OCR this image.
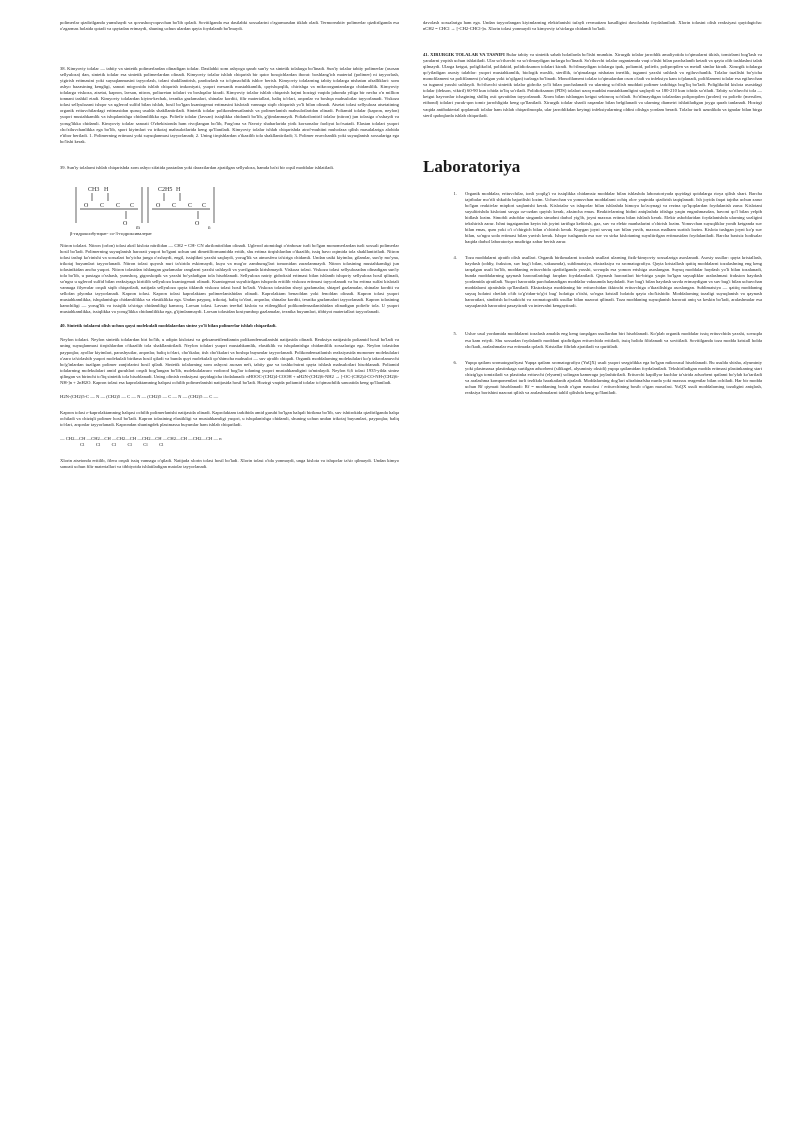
polimerlar qizdirilganda yumshaydi va qovushoq-oquvchan bo'lib qoladi. Sovitilganda esa dastlabki xossalarini o'zgarmasdan tiklab oladi. Termoreaktiv polimerlar qizdirilganda esa o'zgarmas holatda qotadi va qaytadan erimaydi, shuning uchun ulardan qayta foydalanib bo'lmaydi.

38. Kimyoviy tolalar — tabiiy va sintetik polimerlardan olinadigan tolalar. Dastlabki xom ashyoga qarab sun'iy va sintetik tolalarga bo'linadi. Sun'iy tolalar tabiiy polimerlar (asosan sellyuloza) dan, sintetik tolalar esa sintetik polimerlardan olinadi. Kimyoviy tolalar ishlab chiqarish bir qator bosqichlardan iborat: boshlang'ich material (polimer) ni tayyorlash, yigirish eritmasini yoki suyuqlanmasini tayyorlash, tolani shakllantirish, pardozlash va to'qimachilik ishlov berish. Kimyoviy tolalarning tabiiy tolalarga nisbatan afzalliklari: xom ashyo bazasining kengligi, sanoat miqyosida ishlab chiqarish imkoniyati, yuqori mexanik mustahkamlik, qayishqoqlik, chirishga va mikroorganizmlarga chidamlilik. Kimyoviy tolalarga viskoza, atsetat, kapron, lavsan, nitron, poliuretan tolalari va boshqalar kiradi. Kimyoviy tolalar ishlab chiqarish hajmi hozirgi vaqtda jahonda yiliga bir necha o'n million tonnani tashkil etadi. Kimyoviy tolalardan kiyim-kechak, texnika gazlamalari, shinalar korditi, filtr materiallari, baliq to'rlari, arqonlar va boshqa mahsulotlar tayyorlanadi. Viskoza tolasi sellyulozani ishqor va uglerod sulfid bilan ishlab, hosil bo'lgan ksantogenat eritmasini kislotali vannaga siqib chiqarish yo'li bilan olinadi. Atsetat tolasi sellyuloza atsetatining organik erituvchilardagi eritmasidan quruq usulda shakllantiriladi. Sintetik tolalar polikondensatlanish va polimerlanish mahsulotlaridan olinadi. Poliamid tolalar (kapron, neylon) yuqori mustahkamlik va ishqalanishga chidamlilikka ega. Poliefir tolalar (lavsan) issiqlikka chidamli bo'lib, g'ijimlanmaydi. Poliakrilonitril tolalar (nitron) jun tolasiga o'xshaydi va yorug'likka chidamli. Kimyoviy tolalar sanoati O'zbekistonda ham rivojlangan bo'lib, Farg'ona va Navoiy shaharlarida yirik korxonalar faoliyat ko'rsatadi. Elastan tolalari yuqori cho'ziluvchanlikka ega bo'lib, sport kiyimlari va trikotaj mahsulotlarida keng qo'llaniladi. Kimyoviy tolalar ishlab chiqarishda atrof-muhitni muhofaza qilish masalalariga alohida e'tibor beriladi. 1. Polimerning eritmasi yoki suyuqlanmasi tayyorlanadi; 2. Uning tirqishlardan o'tkazilib tola shakllantiriladi; 3. Polimer eruvchanlik yoki suyuqlanish xossalariga ega bo'lishi kerak.

39. Sun'iy tolalarni ishlab chiqarishda xom ashyo sifatida paxtadan yoki daraxtlardan ajratilgan sellyuloza, hamda ba'zi bir oqsil moddalar ishlatiladi.

CH3 H
O C C C
O
C2H5 H
O C C C
O
m	n
β-гидроксибутират- co-3-гидроксивалерат

Nitron tolalari. Nitron (orlon) tolasi akril kislota nitrilidan — CH2 = CH- CN akrilonitrildan olinadi. Uglerod atomidagi o'rinbosar turli bo'lgan monomerlardan turli xossali polimerlar hosil bo'ladi. Polimerning suyuqlanish harorati yuqori bo'lgani uchun uni dimetilformamidda eritib, shu eritma tirqishlardan o'tkazilib, issiq havo oqimida tola shakllantiriladi. Nitron tolasi tashqi ko'rinishi va xossalari bo'yicha junga o'xshaydi, engil, issiqlikni yaxshi saqlaydi, yorug'lik va atmosfera ta'siriga chidamli. Undan ustki kiyimlar, gilamlar, sun'iy mo'yna, trikotaj buyumlari tayyorlanadi. Nitron tolasi quyosh nuri ta'sirida eskirmaydi, kuya va mog'or zamburug'lari tomonidan zararlanmaydi. Nitron tolasining mustahkamligi jun tolasinikidan ancha yuqori. Nitron tolasidan ishlangan gazlamalar ranglarni yaxshi ushlaydi va yuvilganda kirishmaydi. Viskoza tolasi. Viskoza tolasi sellyulozadan olinadigan sun'iy tola bo'lib, u paxtaga o'xshash, yumshoq, gigroskopik va yaxshi bo'yaladigan tola hisoblanadi. Sellyuloza natriy gidroksid eritmasi bilan ishlanib ishqoriy sellyuloza hosil qilinadi, so'ngra u uglerod sulfid bilan reaksiyaga kiritilib sellyuloza ksantogenati olinadi. Ksantogenat suyultirilgan ishqorda eritilib viskoza eritmasi tayyorlanadi va bu eritma sulfat kislotali vannaga filyeralar orqali siqib chiqariladi, natijada sellyuloza qayta tiklanib viskoza tolasi hosil bo'ladi. Viskoza tolasidan shoyi gazlamalar, shtapel gazlamalar, shinalar korditi va sellofan plyonka tayyorlanadi. Kapron tolasi. Kapron tolasi kaprolaktam polimerlanishidan olinadi. Kaprolaktam benzoldan yoki fenoldan olinadi. Kapron tolasi yuqori mustahkamlikka, ishqalanishga chidamlilikka va elastiklikka ega. Undan paypoq, trikotaj, baliq to'rlari, arqonlar, shinalar korditi, texnika gazlamalari tayyorlanadi. Kapron tolasining kamchiligi — yorug'lik va issiqlik ta'siriga chidamliligi kamroq. Lavsan tolasi. Lavsan tereftal kislota va etilenglikol polikondensatlanishidan olinadigan poliefir tola. U yuqori mustahkamlikka, issiqlikka va yorug'likka chidamlilikka ega, g'ijimlanmaydi. Lavsan tolasidan kostyumbop gazlamalar, texnika buyumlari, tibbiyot materiallari tayyorlanadi.

40. Sintetik tolalarni olish uchun qaysi molekulali moddalardan sintez yo'li bilan polimerlar ishlab chiqariladi.

Neylon tolalari. Neylon sintetik tolalardan biri bo'lib, u adipin kislotasi va geksametilendiamin polikondensatlanishi natijasida olinadi. Reaksiya natijasida poliamid hosil bo'ladi va uning suyuqlanmasi tirqishlardan o'tkazilib tola shakllantiriladi. Neylon tolalari yuqori mustahkamlik, elastiklik va ishqalanishga chidamlilik xossalariga ega. Neylon tolasidan paypoqlar, ayollar kiyimlari, parashyutlar, arqonlar, baliq to'rlari, cho'tkalar, tish cho'tkalari va boshqa buyumlar tayyorlanadi. Polikondensatlanish reaksiyasida monomer molekulalari o'zaro ta'sirlashib yuqori molekulali birikma hosil qiladi va bunda quyi molekulali qo'shimcha mahsulot — suv ajralib chiqadi. Organik moddalarning molekulalari ko'p takrorlanuvchi bo'g'inlardan tuzilgan polimer zanjirlarini hosil qiladi. Sintetik tolalarning xom ashyosi asosan neft, tabiiy gaz va toshko'mirni qayta ishlash mahsulotlari hisoblanadi. Poliamid tolalarning molekulalari amid guruhlari orqali bog'langan bo'lib, molekulalararo vodorod bog'lar tolaning yuqori mustahkamligini ta'minlaydi. Neylon 6,6 tolasi 1935-yilda sintez qilingan va birinchi to'liq sintetik tola hisoblanadi. Uning olinish reaksiyasi quyidagicha ifodalanadi: nHOOC-(CH2)4-COOH + nH2N-(CH2)6-NH2 → [-OC-(CH2)4-CO-NH-(CH2)6-NH-]n + 2nH2O. Kapron tolasi esa kaprolaktamning halqasi ochilib polimerlanishi natijasida hosil bo'ladi. Hozirgi vaqtda poliamid tolalar to'qimachilik sanoatida keng qo'llaniladi.

H2N-(CH2)5-C — N — (CH2)5 — C — N — (CH2)5 — C — N — (CH2)5 — C —

Kapron tolasi ε-kaprolaktamning halqasi ochilib polimerlanishi natijasida olinadi. Kaprolaktam tarkibida amid guruhi bo'lgan halqali birikma bo'lib, suv ishtirokida qizdirilganda halqa ochiladi va chiziqli polimer hosil bo'ladi. Kapron tolasining elastikligi va mustahkamligi yuqori, u ishqalanishga chidamli, shuning uchun undan trikotaj buyumlari, paypoqlar, baliq to'rlari, arqonlar tayyorlanadi. Kaprondan shuningdek plastmassa buyumlar ham ishlab chiqariladi.

— CH2—CH —CH2—CH —CH2—CH —CH2—CH —CH2—CH —CH2—CH — n
Cl          Cl          Cl          Cl          Cl          Cl

Xlorin atsetonda eritilib, filera orqali issiq vannaga o'qiladi. Natijada xlorin tolasi hosil bo'ladi. Xlorin tolasi o'tda yonmaydi, unga kislota va ishqorlar ta'sir qilmaydi. Undan kimyo sanoati uchun filtr materiallari va tibbiyotda ishlatiladigan matolar tayyorlanadi.

davolash xossalariga ham ega. Undan tayyorlangan kiyimlarning elektrlanishi tufayli revmatizm kasalligini davolashda foydalaniladi. Xlorin tolasini olish reaksiyasi quyidagicha: nCH2 = CHCl → [-CH2-CHCl-]n. Xlorin tolasi yonmaydi va kimyoviy ta'sirlarga chidamli bo'ladi.

41. XIRURGIK TOLALAR VA TASNIFI Bular tabiiy va sintetik sabab holatlarda bo'lishi mumkin. Xirurgik tolalar jarrohlik amaliyotida to'qimalarni tikish, tomirlarni bog'lash va yaralarni yopish uchun ishlatiladi. Ular so'riluvchi va so'rilmaydigan turlarga bo'linadi. So'riluvchi tolalar organizmda vaqt o'tishi bilan parchalanib ketadi va qayta olib tashlashni talab qilmaydi. Ularga ketgut, poliglikolid, polilaktid, polidioksanon tolalari kiradi. So'rilmaydigan tolalarga ipak, poliamid, poliefir, polipropilen va metall simlar kiradi. Xirurgik tolalarga qo'yiladigan asosiy talablar: yuqori mustahkamlik, biologik moslik, sterillik, to'qimalarga nisbatan inertlik, tugunni yaxshi ushlash va egiluvchanlik. Tolalar tuzilishi bo'yicha monofilament va polifilament (o'ralgan yoki to'qilgan) turlarga bo'linadi. Monofilament tolalar to'qimalardan oson o'tadi va infeksiya kam to'planadi, polifilament tolalar esa egiluvchan va tugunni yaxshi ushlaydi. So'riluvchi sintetik tolalar gidroliz yo'li bilan parchalanadi va ularning so'rilish muddati polimer tarkibiga bog'liq bo'ladi. Poliglikolid kislota asosidagi tolalar (dekson, viktril) 60-90 kun ichida to'liq so'riladi. Polidioksanon (PDS) tolalari uzoq muddat mustahkamligini saqlaydi va 180-210 kun ichida so'riladi. Tabiiy so'riluvchi tola — ketgut hayvonlar ichagining shilliq osti qavatidan tayyorlanadi. Xrom bilan ishlangan ketgut sekinroq so'riladi. So'rilmaydigan tolalardan polipropilen (prolen) va poliefir (mersilen, etibond) tolalari yurak-qon tomir jarrohligida keng qo'llaniladi. Xirurgik tolalar shartli raqamlar bilan belgilanadi va ularning diametri ishlatiladigan joyga qarab tanlanadi. Hozirgi vaqtda antibakterial qoplamali tolalar ham ishlab chiqarilmoqda, ular jarrohlikdan keyingi infeksiyalarning oldini olishga yordam beradi. Tolalar turli uzunlikda va ignalar bilan birga steril qadoqlarda ishlab chiqariladi.

Laboratoriya
1.	Organik moddalar, erituvchilar, ionli yoqilg'i va issiqlikka chidamsiz moddalar bilan ishlashda laboratoriyada quyidagi qoidalarga rioya qilish shart. Barcha tajribalar mo'rili shkafda bajarilishi lozim. Uchuvchan va yonuvchan moddalarni ochiq olov yaqinida qizdirish taqiqlanadi. Ish joyida faqat tajriba uchun zarur bo'lgan reaktivlar miqdori saqlanishi kerak. Kislotalar va ishqorlar bilan ishlashda himoya ko'zoynagi va rezina qo'lqoplardan foydalanish zarur. Kislotani suyultirishda kislotani suvga oz-ozdan quyish kerak, aksincha emas. Reaktivlarning hidini aniqlashda idishga yaqin engashmasdan, havoni qo'l bilan yelpib hidlash lozim. Simobli asboblar singanda simobni darhol yig'ib, joyni maxsus eritma bilan ishlash kerak. Elektr asboblaridan foydalanishda ularning sozligini tekshirish zarur. Ishni tugatgandan keyin ish joyini tartibga keltirish, gaz, suv va elektr manbalarini o'chirish lozim. Yonuvchan suyuqliklar yonib ketganda suv bilan emas, qum yoki o't o'chirgich bilan o'chirish kerak. Kuygan joyni sovuq suv bilan yuvib, maxsus malham surtish lozim. Kislota tushgan joyni ko'p suv bilan, so'ngra soda eritmasi bilan yuvish kerak. Ishqor tushganda esa suv va sirka kislotaning suyultirilgan eritmasidan foydalaniladi. Barcha baxtsiz hodisalar haqida darhol laboratoriya mudiriga xabar berish zarur.
4.	Toza moddalarni ajratib olish usullari. Organik birikmalarni tozalash usullari ularning fizik-kimyoviy xossalariga asoslanadi. Asosiy usullar: qayta kristallash, haydash (oddiy, fraksion, suv bug'i bilan, vakuumda), sublimatsiya, ekstraksiya va xromatografiya. Qayta kristallash qattiq moddalarni tozalashning eng keng tarqalgan usuli bo'lib, moddaning erituvchida qizdirilganda yaxshi, sovuqda esa yomon erishiga asoslangan. Suyuq moddalar haydash yo'li bilan tozalanadi, bunda moddalarning qaynash haroratlaridagi farqdan foydalaniladi. Qaynash haroratlari bir-biriga yaqin bo'lgan suyuqliklar aralashmasi fraksion haydash yordamida ajratiladi. Yuqori haroratda parchalanadigan moddalar vakuumda haydaladi. Suv bug'i bilan haydash suvda erimaydigan va suv bug'i bilan uchuvchan moddalarni ajratishda qo'llaniladi. Ekstraksiya moddaning bir erituvchidan ikkinchi erituvchiga o'tkazilishiga asoslangan. Sublimatsiya — qattiq moddaning suyuq holatni chetlab o'tib to'g'ridan-to'g'ri bug' holatiga o'tishi, so'ngra kristall holatda qayta cho'kishidir. Moddalarning tozaligi suyuqlanish va qaynash haroratlari, sindirish ko'rsatkichi va xromatografik usullar bilan nazorat qilinadi. Toza moddaning suyuqlanish harorati aniq va keskin bo'ladi, aralashmalar esa suyuqlanish haroratini pasaytiradi va intervalni kengaytiradi.
5.	Usluv usul yordamida moddalarni tozalash amalda eng keng tarqalgan usullardan biri hisoblanadi. Ko'plab organik moddalar issiq erituvchida yaxshi, sovuqda esa kam eriydi. Shu xossadan foydalanib moddani qizdirilgan erituvchida eritiladi, issiq holida filtrlanadi va sovitiladi. Sovitilganda toza modda kristall holda cho'kadi, aralashmalar esa eritmada qoladi. Kristallar filtrlab ajratiladi va quritiladi.
6.	Yupqa qatlam xromatografiyasi Yupqa qatlam xromatografiya (YuQX) usuli yuqori sezgirlikka ega bo'lgan mikrousul hisoblanadi. Bu usulda shisha, alyuminiy yoki plastmassa plastinkaga surtilgan adsorbent (silikagel, alyuminiy oksidi) yupqa qatlamidan foydalaniladi. Tekshiriladigan modda eritmasi plastinkaning start chizig'iga tomiziladi va plastinka erituvchi (elyuent) solingan kameraga joylashtiriladi. Erituvchi kapillyar kuchlar ta'sirida adsorbent qatlami bo'ylab ko'tariladi va aralashma komponentlari turli tezlikda harakatlanib ajraladi. Moddalarning dog'lari ultrabinafsha nurda yoki maxsus reagentlar bilan ochiladi. Har bir modda uchun Rf qiymati hisoblanadi: Rf = moddaning bosib o'tgan masofasi / erituvchining bosib o'tgan masofasi. YuQX usuli moddalarning tozaligini aniqlash, reaksiya borishini nazorat qilish va aralashmalarni tahlil qilishda keng qo'llaniladi.
